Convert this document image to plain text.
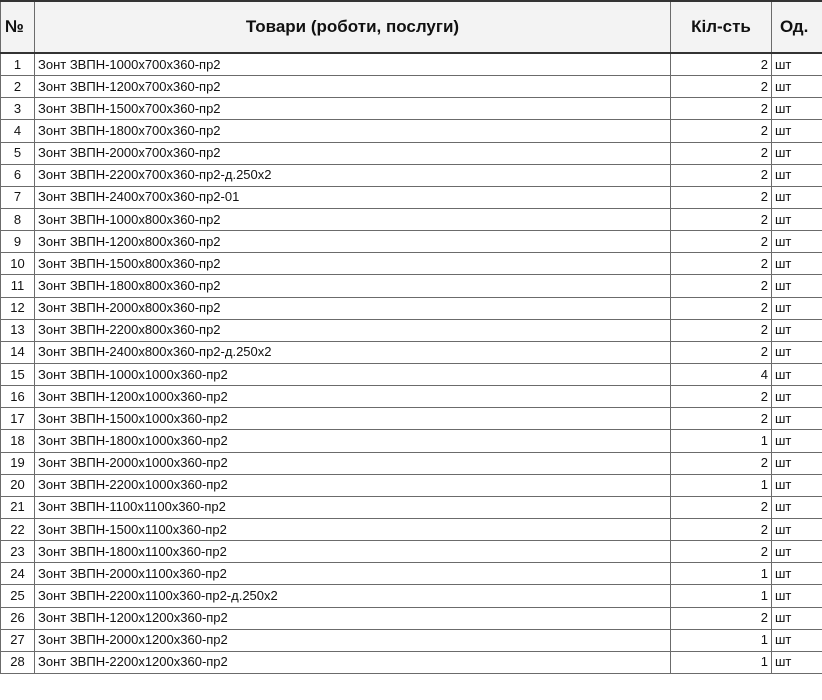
№	Товари (роботи, послуги)	Кіл-сть	Од.
1	Зонт ЗВПН-1000x700x360-пр2	2	шт
2	Зонт ЗВПН-1200x700x360-пр2	2	шт
3	Зонт ЗВПН-1500x700x360-пр2	2	шт
4	Зонт ЗВПН-1800x700x360-пр2	2	шт
5	Зонт ЗВПН-2000x700x360-пр2	2	шт
6	Зонт ЗВПН-2200x700x360-пр2-д.250x2	2	шт
7	Зонт ЗВПН-2400x700x360-пр2-01	2	шт
8	Зонт ЗВПН-1000x800x360-пр2	2	шт
9	Зонт ЗВПН-1200x800x360-пр2	2	шт
10	Зонт ЗВПН-1500x800x360-пр2	2	шт
11	Зонт ЗВПН-1800x800x360-пр2	2	шт
12	Зонт ЗВПН-2000x800x360-пр2	2	шт
13	Зонт ЗВПН-2200x800x360-пр2	2	шт
14	Зонт ЗВПН-2400x800x360-пр2-д.250x2	2	шт
15	Зонт ЗВПН-1000x1000x360-пр2	4	шт
16	Зонт ЗВПН-1200x1000x360-пр2	2	шт
17	Зонт ЗВПН-1500x1000x360-пр2	2	шт
18	Зонт ЗВПН-1800x1000x360-пр2	1	шт
19	Зонт ЗВПН-2000x1000x360-пр2	2	шт
20	Зонт ЗВПН-2200x1000x360-пр2	1	шт
21	Зонт ЗВПН-1100x1100x360-пр2	2	шт
22	Зонт ЗВПН-1500x1100x360-пр2	2	шт
23	Зонт ЗВПН-1800x1100x360-пр2	2	шт
24	Зонт ЗВПН-2000x1100x360-пр2	1	шт
25	Зонт ЗВПН-2200x1100x360-пр2-д.250x2	1	шт
26	Зонт ЗВПН-1200x1200x360-пр2	2	шт
27	Зонт ЗВПН-2000x1200x360-пр2	1	шт
28	Зонт ЗВПН-2200x1200x360-пр2	1	шт
